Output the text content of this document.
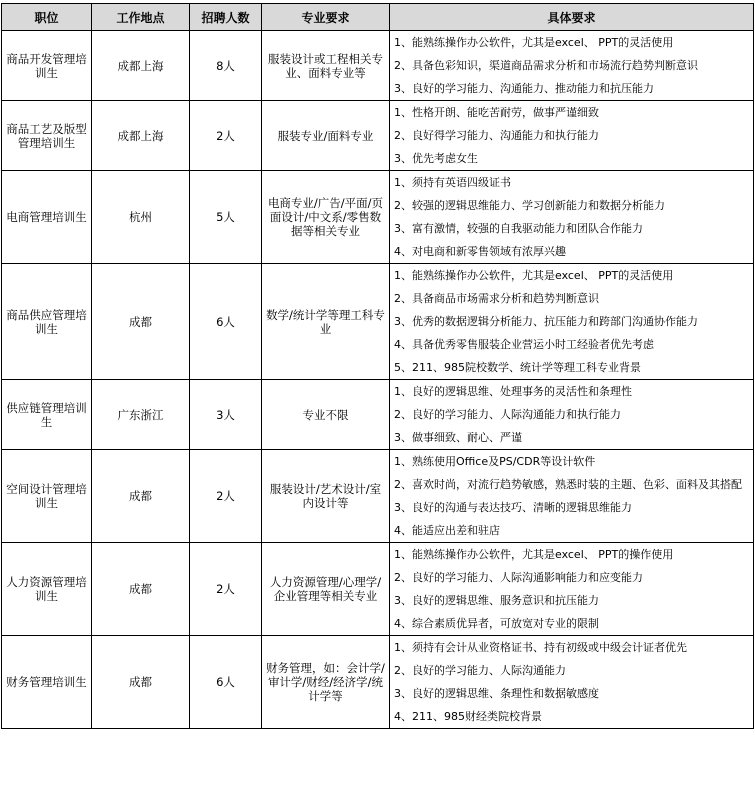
职位	工作地点	招聘人数	专业要求	具体要求
商品开发管理培训生	成都上海	8人	服装设计或工程相关专业、面料专业等	1、能熟练操作办公软件，尤其是excel、 PPT的灵活使用
2、具备色彩知识，渠道商品需求分析和市场流行趋势判断意识
3、良好的学习能力、沟通能力、推动能力和抗压能力

商品工艺及版型管理培训生	成都上海	2人	服装专业/面料专业	1、性格开朗、能吃苦耐劳，做事严谨细致
2、良好得学习能力、沟通能力和执行能力
3、优先考虑女生

电商管理培训生	杭州	5人	电商专业/广告/平面/页面设计/中文系/零售数据等相关专业	1、须持有英语四级证书
2、较强的逻辑思维能力、学习创新能力和数据分析能力
3、富有激情，较强的自我驱动能力和团队合作能力
4、对电商和新零售领域有浓厚兴趣

商品供应管理培训生	成都	6人	数学/统计学等理工科专业	1、能熟练操作办公软件，尤其是excel、 PPT的灵活使用
2、具备商品市场需求分析和趋势判断意识
3、优秀的数据逻辑分析能力、抗压能力和跨部门沟通协作能力
4、具备优秀零售服装企业营运小时工经验者优先考虑
5、211、985院校数学、统计学等理工科专业背景

供应链管理培训生	广东浙江	3人	专业不限	1、良好的逻辑思维、处理事务的灵活性和条理性
2、良好的学习能力、人际沟通能力和执行能力
3、做事细致、耐心、严谨

空间设计管理培训生	成都	2人	服装设计/艺术设计/室内设计等	1、熟练使用Office及PS/CDR等设计软件
2、喜欢时尚，对流行趋势敏感，熟悉时装的主题、色彩、面料及其搭配
3、良好的沟通与表达技巧、清晰的逻辑思维能力
4、能适应出差和驻店

人力资源管理培训生	成都	2人	人力资源管理/心理学/企业管理等相关专业	1、能熟练操作办公软件，尤其是excel、 PPT的操作使用
2、良好的学习能力、人际沟通影响能力和应变能力
3、良好的逻辑思维、服务意识和抗压能力
4、综合素质优异者，可放宽对专业的限制

财务管理培训生	成都	6人	财务管理，如：会计学/审计学/财经/经济学/统计学等	1、须持有会计从业资格证书、持有初级或中级会计证者优先
2、良好的学习能力、人际沟通能力
3、良好的逻辑思维、条理性和数据敏感度
4、211、985财经类院校背景
